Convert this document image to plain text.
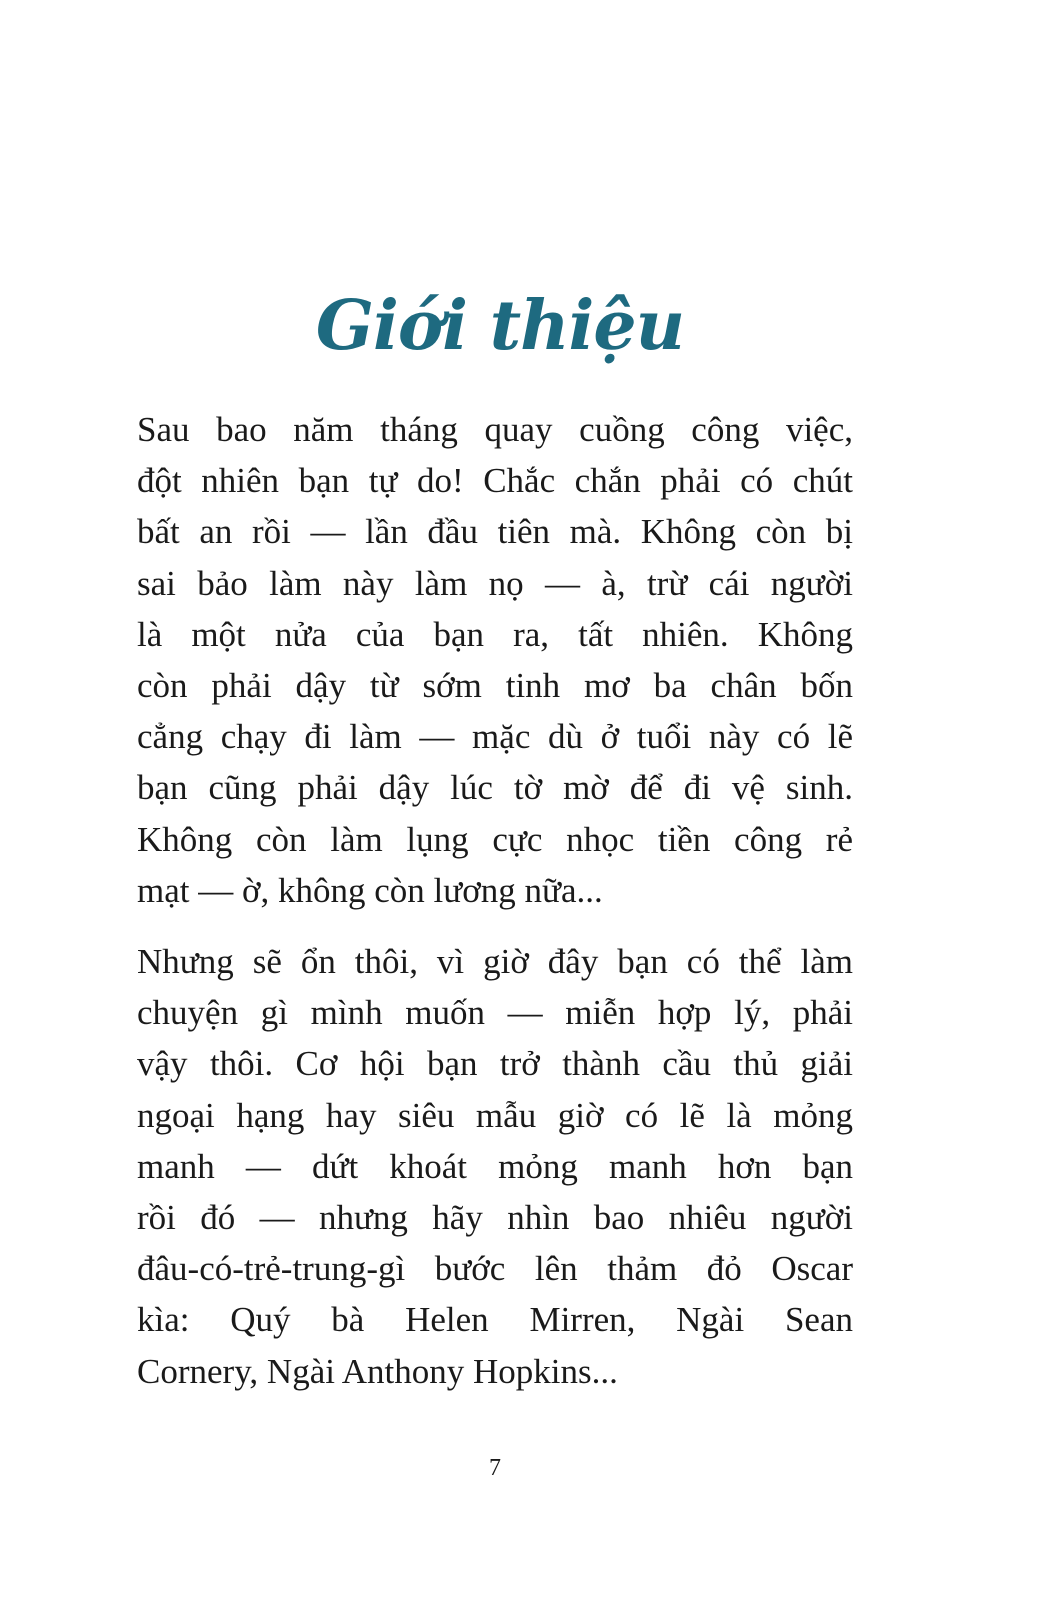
Giới thiệu
Sau bao năm tháng quay cuồng công việc,
đột nhiên bạn tự do! Chắc chắn phải có chút
bất an rồi — lần đầu tiên mà. Không còn bị
sai bảo làm này làm nọ — à, trừ cái người
là một nửa của bạn ra, tất nhiên. Không
còn phải dậy từ sớm tinh mơ ba chân bốn
cẳng chạy đi làm — mặc dù ở tuổi này có lẽ
bạn cũng phải dậy lúc tờ mờ để đi vệ sinh.
Không còn làm lụng cực nhọc tiền công rẻ
mạt — ờ, không còn lương nữa...
Nhưng sẽ ổn thôi, vì giờ đây bạn có thể làm
chuyện gì mình muốn — miễn hợp lý, phải
vậy thôi. Cơ hội bạn trở thành cầu thủ giải
ngoại hạng hay siêu mẫu giờ có lẽ là mỏng
manh — dứt khoát mỏng manh hơn bạn
rồi đó — nhưng hãy nhìn bao nhiêu người
đâu-có-trẻ-trung-gì bước lên thảm đỏ Oscar
kìa: Quý bà Helen Mirren, Ngài Sean
Cornery, Ngài Anthony Hopkins...
7
